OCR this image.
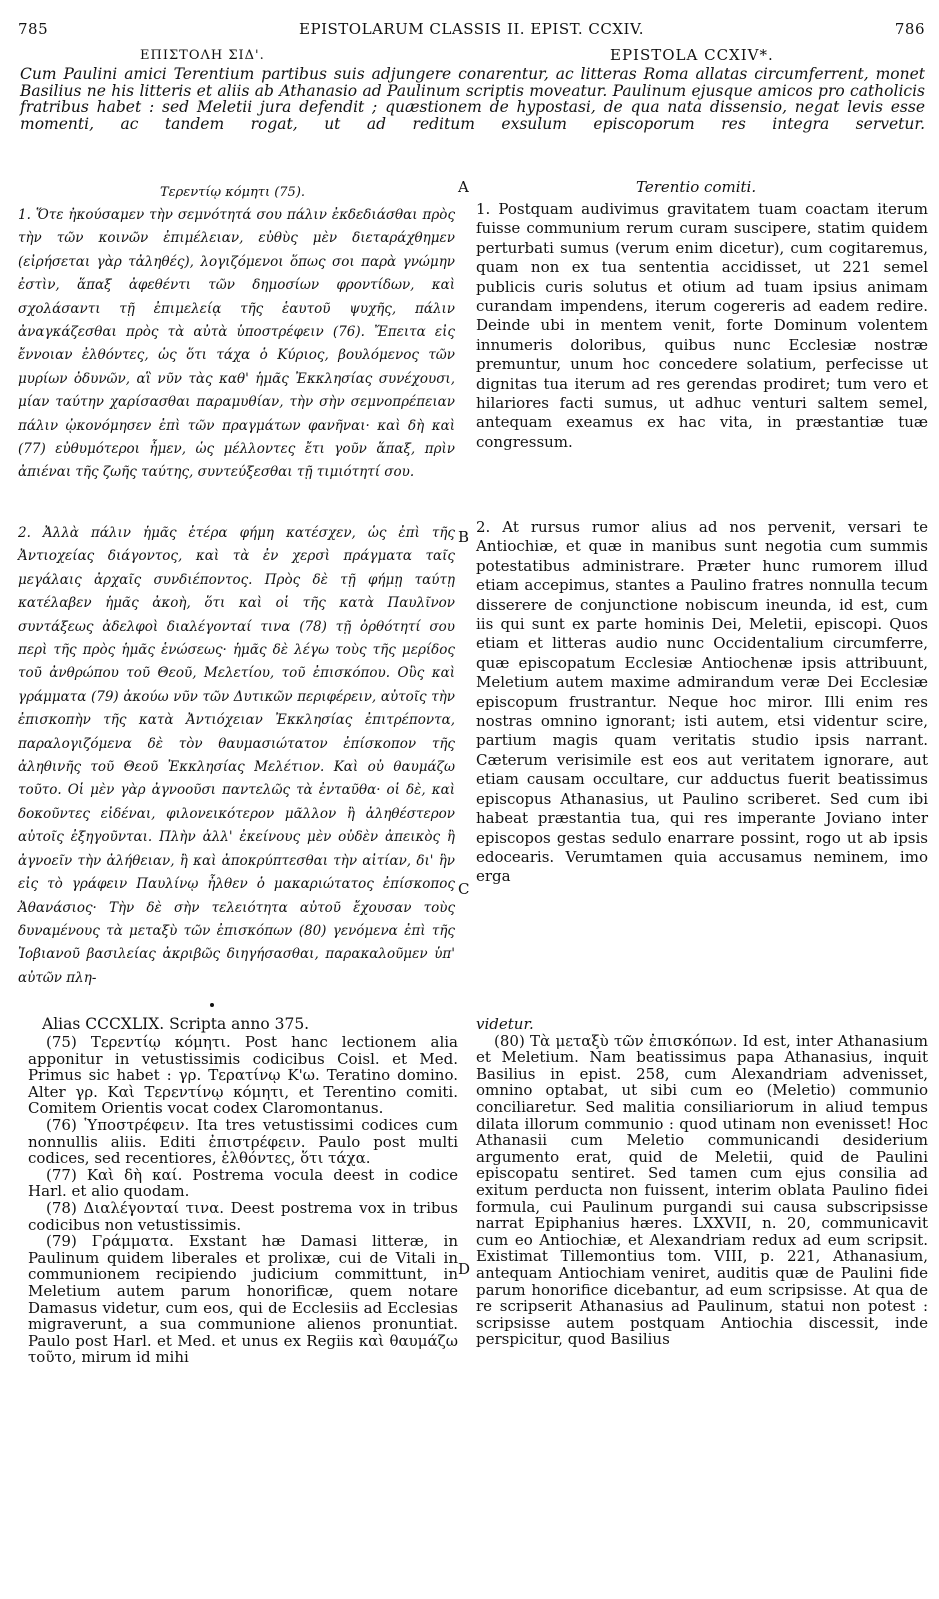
785	EPISTOLARUM CLASSIS II. EPIST. CCXIV.	786
ΕΠΙΣΤΟΛΗ ΣΙΔ'.	EPISTOLA CCXIV*.
Cum Paulini amici Terentium partibus suis adjungere conarentur, ac litteras Roma allatas circumferrent, monet Basilius ne his litteris et aliis ab Athanasio ad Paulinum scriptis moveatur. Paulinum ejusque amicos pro catholicis fratribus habet : sed Meletii jura defendit ; quæstionem de hypostasi, de qua nata dissensio, negat levis esse momenti, ac tandem rogat, ut ad reditum exsulum episcoporum res integra servetur.
Τερεντίῳ κόμητι (75).	Terentio comiti.
A
B
C
D
1. Ὅτε ἠκούσαμεν τὴν σεμνότητά σου πάλιν ἐκδεδιάσθαι πρὸς τὴν τῶν κοινῶν ἐπιμέλειαν, εὐθὺς μὲν διεταράχθημεν (εἰρήσεται γὰρ τἀληθές), λογιζόμενοι ὅπως σοι παρὰ γνώμην ἐστὶν, ἅπαξ ἀφεθέντι τῶν δημοσίων φροντίδων, καὶ σχολάσαντι τῇ ἐπιμελείᾳ τῆς ἑαυτοῦ ψυχῆς, πάλιν ἀναγκάζεσθαι πρὸς τὰ αὐτὰ ὑποστρέφειν (76). Ἔπειτα εἰς ἔννοιαν ἐλθόντες, ὡς ὅτι τάχα ὁ Κύριος, βουλόμενος τῶν μυρίων ὀδυνῶν, αἳ νῦν τὰς καθ' ἡμᾶς Ἐκκλησίας συνέχουσι, μίαν ταύτην χαρίσασθαι παραμυθίαν, τὴν σὴν σεμνοπρέπειαν πάλιν ᾠκονόμησεν ἐπὶ τῶν πραγμάτων φανῆναι· καὶ δὴ καὶ (77) εὐθυμότεροι ἦμεν, ὡς μέλλοντες ἔτι γοῦν ἅπαξ, πρὶν ἀπιέναι τῆς ζωῆς ταύτης, συντεύξεσθαι τῇ τιμιότητί σου.
2. Ἀλλὰ πάλιν ἡμᾶς ἑτέρα φήμη κατέσχεν, ὡς ἐπὶ τῆς Ἀντιοχείας διάγοντος, καὶ τὰ ἐν χερσὶ πράγματα ταῖς μεγάλαις ἀρχαῖς συνδιέποντος. Πρὸς δὲ τῇ φήμῃ ταύτῃ κατέλαβεν ἡμᾶς ἀκοὴ, ὅτι καὶ οἱ τῆς κατὰ Παυλῖνον συντάξεως ἀδελφοὶ διαλέγονταί τινα (78) τῇ ὀρθότητί σου περὶ τῆς πρὸς ἡμᾶς ἑνώσεως· ἡμᾶς δὲ λέγω τοὺς τῆς μερίδος τοῦ ἀνθρώπου τοῦ Θεοῦ, Μελετίου, τοῦ ἐπισκόπου. Οὓς καὶ γράμματα (79) ἀκούω νῦν τῶν Δυτικῶν περιφέρειν, αὐτοῖς τὴν ἐπισκοπὴν τῆς κατὰ Ἀντιόχειαν Ἐκκλησίας ἐπιτρέποντα, παραλογιζόμενα δὲ τὸν θαυμασιώτατον ἐπίσκοπον τῆς ἀληθινῆς τοῦ Θεοῦ Ἐκκλησίας Μελέτιον. Καὶ οὐ θαυμάζω τοῦτο. Οἱ μὲν γὰρ ἀγνοοῦσι παντελῶς τὰ ἐνταῦθα· οἱ δὲ, καὶ δοκοῦντες εἰδέναι, φιλονεικότερον μᾶλλον ἢ ἀληθέστερον αὐτοῖς ἐξηγοῦνται. Πλὴν ἀλλ' ἐκείνους μὲν οὐδὲν ἀπεικὸς ἢ ἀγνοεῖν τὴν ἀλήθειαν, ἢ καὶ ἀποκρύπτεσθαι τὴν αἰτίαν, δι' ἣν εἰς τὸ γράφειν Παυλίνῳ ἦλθεν ὁ μακαριώτατος ἐπίσκοπος Ἀθανάσιος· Τὴν δὲ σὴν τελειότητα αὐτοῦ ἔχουσαν τοὺς δυναμένους τὰ μεταξὺ τῶν ἐπισκόπων (80) γενόμενα ἐπὶ τῆς Ἰοβιανοῦ βασιλείας ἀκριβῶς διηγήσασθαι, παρακαλοῦμεν ὑπ' αὐτῶν πλη-
1. Postquam audivimus gravitatem tuam coactam iterum fuisse communium rerum curam suscipere, statim quidem perturbati sumus (verum enim dicetur), cum cogitaremus, quam non ex tua sententia accidisset, ut 221 semel publicis curis solutus et otium ad tuam ipsius animam curandam impendens, iterum cogereris ad eadem redire. Deinde ubi in mentem venit, forte Dominum volentem innumeris doloribus, quibus nunc Ecclesiæ nostræ premuntur, unum hoc concedere solatium, perfecisse ut dignitas tua iterum ad res gerendas prodiret; tum vero et hilariores facti sumus, ut adhuc venturi saltem semel, antequam exeamus ex hac vita, in præstantiæ tuæ congressum.
2. At rursus rumor alius ad nos pervenit, versari te Antiochiæ, et quæ in manibus sunt negotia cum summis potestatibus administrare. Præter hunc rumorem illud etiam accepimus, stantes a Paulino fratres nonnulla tecum disserere de conjunctione nobiscum ineunda, id est, cum iis qui sunt ex parte hominis Dei, Meletii, episcopi. Quos etiam et litteras audio nunc Occidentalium circumferre, quæ episcopatum Ecclesiæ Antiochenæ ipsis attribuunt, Meletium autem maxime admirandum veræ Dei Ecclesiæ episcopum frustrantur. Neque hoc miror. Illi enim res nostras omnino ignorant; isti autem, etsi videntur scire, partium magis quam veritatis studio ipsis narrant. Cæterum verisimile est eos aut veritatem ignorare, aut etiam causam occultare, cur adductus fuerit beatissimus episcopus Athanasius, ut Paulino scriberet. Sed cum ibi habeat præstantia tua, qui res imperante Joviano inter episcopos gestas sedulo enarrare possint, rogo ut ab ipsis edocearis. Verumtamen quia accusamus neminem, imo erga
Alias CCCXLIX. Scripta anno 375.

(75) Τερεντίῳ κόμητι. Post hanc lectionem alia apponitur in vetustissimis codicibus Coisl. et Med. Primus sic habet : γρ. Τερατίνῳ Κ'ω. Teratino domino. Alter γρ. Καὶ Τερεντίνῳ κόμητι, et Terentino comiti. Comitem Orientis vocat codex Claromontanus.

(76) Ὑποστρέφειν. Ita tres vetustissimi codices cum nonnullis aliis. Editi ἐπιστρέφειν. Paulo post multi codices, sed recentiores, ἐλθόντες, ὅτι τάχα.

(77) Καὶ δὴ καί. Postrema vocula deest in codice Harl. et alio quodam.

(78) Διαλέγονταί τινα. Deest postrema vox in tribus codicibus non vetustissimis.

(79) Γράμματα. Exstant hæ Damasi litteræ, in Paulinum quidem liberales et prolixæ, cui de Vitali in communionem recipiendo judicium committunt, in Meletium autem parum honorificæ, quem notare Damasus videtur, cum eos, qui de Ecclesiis ad Ecclesias migraverunt, a sua communione alienos pronuntiat. Paulo post Harl. et Med. et unus ex Regiis καὶ θαυμάζω τοῦτο, mirum id mihi

videtur.

(80) Τὰ μεταξὺ τῶν ἐπισκόπων. Id est, inter Athanasium et Meletium. Nam beatissimus papa Athanasius, inquit Basilius in epist. 258, cum Alexandriam advenisset, omnino optabat, ut sibi cum eo (Meletio) communio conciliaretur. Sed malitia consiliariorum in aliud tempus dilata illorum communio : quod utinam non evenisset! Hoc Athanasii cum Meletio communicandi desiderium argumento erat, quid de Meletii, quid de Paulini episcopatu sentiret. Sed tamen cum ejus consilia ad exitum perducta non fuissent, interim oblata Paulino fidei formula, cui Paulinum purgandi sui causa subscripsisse narrat Epiphanius hæres. LXXVII, n. 20, communicavit cum eo Antiochiæ, et Alexandriam redux ad eum scripsit. Existimat Tillemontius tom. VIII, p. 221, Athanasium, antequam Antiochiam veniret, auditis quæ de Paulini fide parum honorifice dicebantur, ad eum scripsisse. At qua de re scripserit Athanasius ad Paulinum, statui non potest : scripsisse autem postquam Antiochia discessit, inde perspicitur, quod Basilius
